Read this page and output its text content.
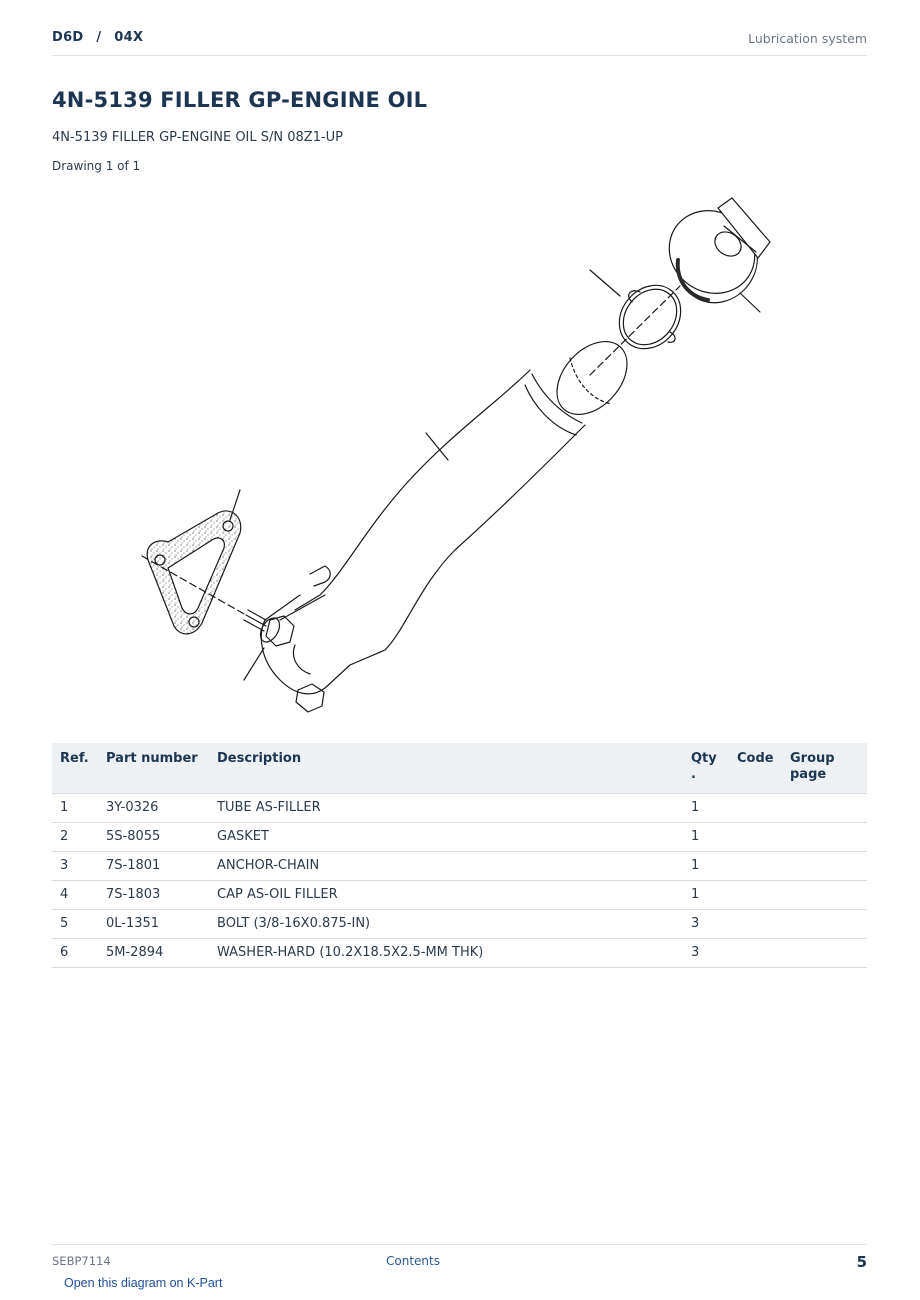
D6D / 04X	Lubrication system
4N-5139 FILLER GP-ENGINE OIL
4N-5139 FILLER GP-ENGINE OIL S/N 08Z1-UP
Drawing 1 of 1
Ref.	Part number	Description	Qty .	Code	Group page
1	3Y-0326	TUBE AS-FILLER	1		
2	5S-8055	GASKET	1		
3	7S-1801	ANCHOR-CHAIN	1		
4	7S-1803	CAP AS-OIL FILLER	1		
5	0L-1351	BOLT (3/8-16X0.875-IN)	3		
6	5M-2894	WASHER-HARD (10.2X18.5X2.5-MM THK)	3		
SEBP7114	Contents	5
Open this diagram on K-Part
